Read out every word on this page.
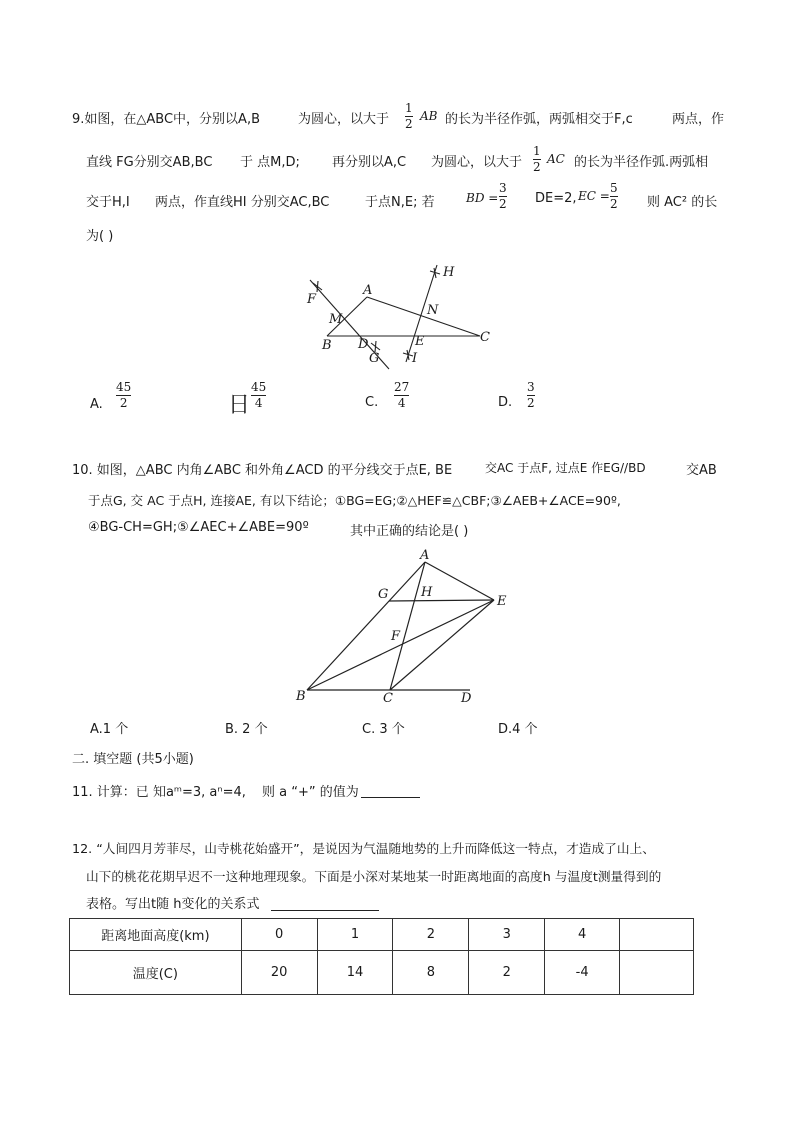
9.如图，在△ABC中，分别以A,B	为圆心，以大于
1
2
AB 的长为半径作弧，两弧相交于F,c	两点，作
直线 FG分别交AB,BC 于 点M,D; 再分别以A,C 为圆心，以大于
1
2
AC 的长为半径作弧.两弧相
交于H,I 两点，作直线HI 分别交AC,BC	于点N,E; 若	BD =
3
2 DE=2, EC =
5
2 则 AC² 的长
为( )
F
A
H
M
N
B D	E	C
G	I
A.
45
2	日
45
4	C.
27
4	D.
3
2
10. 如图，△ABC 内角∠ABC 和外角∠ACD 的平分线交于点E, BE	交AC 于点F, 过点E 作EG//BD	交AB
于点G, 交 AC 于点H, 连接AE, 有以下结论；①BG=EG;②△HEF≌△CBF;③∠AEB+∠ACE=90º,
④BG-CH=GH;⑤∠AEC+∠ABE=90º	其中正确的结论是( )
A
G	H
E
F
B	C	D
A.1 个	B. 2 个	C. 3 个	D.4 个
二. 填空题 (共5小题)
11. 计算：已 知aᵐ=3, aⁿ=4, 则 a “+” 的值为
12. “人间四月芳菲尽，山寺桃花始盛开”，是说因为气温随地势的上升而降低这一特点，才造成了山上、
山下的桃花花期早迟不一这种地理现象。下面是小深对某地某一时距离地面的高度h 与温度t测量得到的
表格。写出t随 h变化的关系式
距离地面高度(km)	0	1	2	3	4	
温度(C)	20	14	8	2	-4	
